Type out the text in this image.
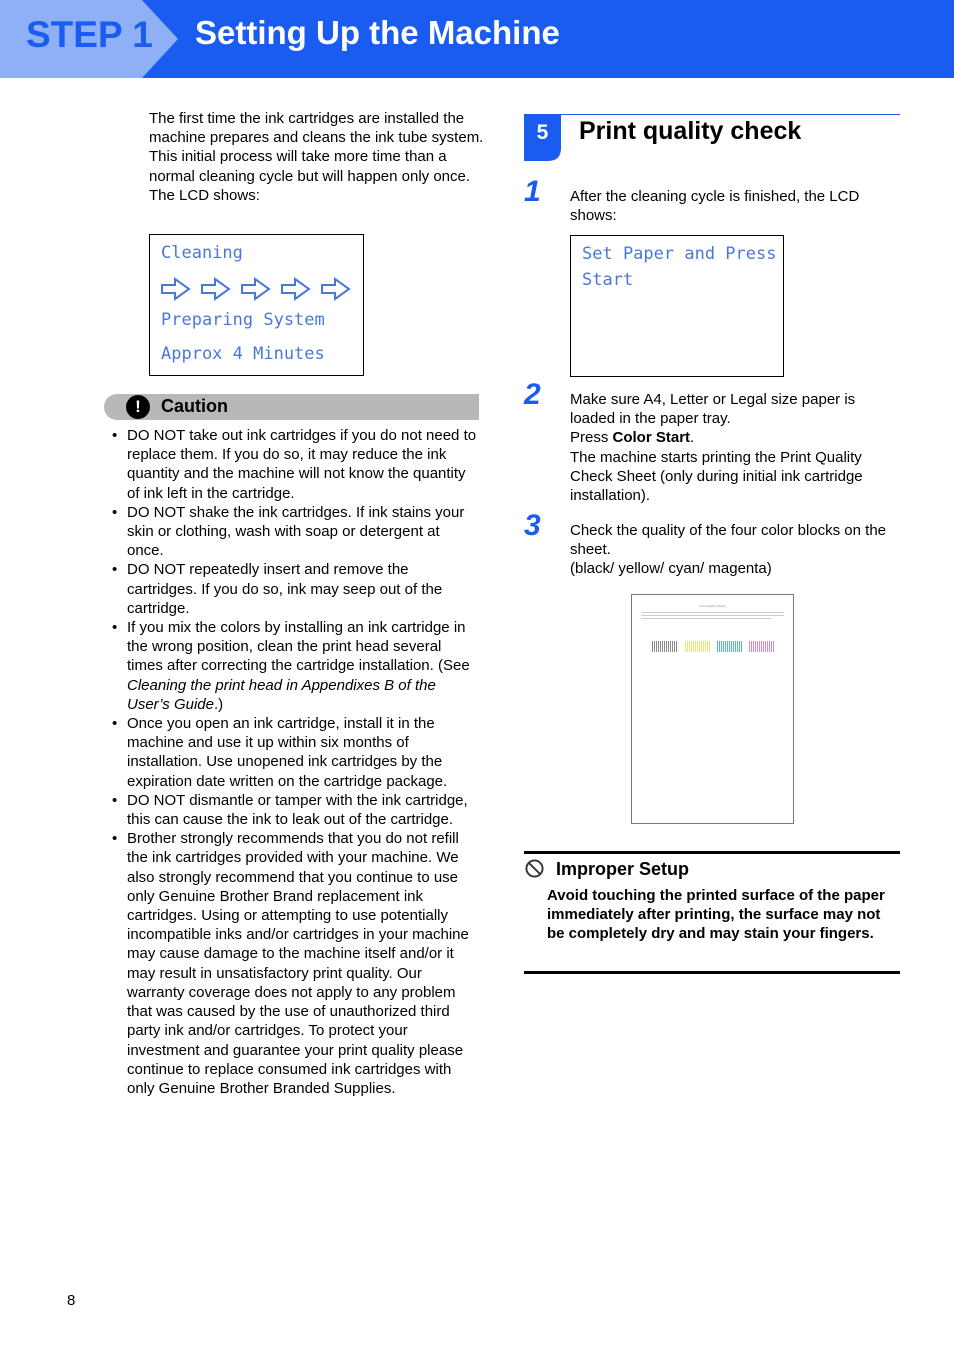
STEP 1 Setting Up the Machine
The first time the ink cartridges are installed the machine prepares and cleans the ink tube system. This initial process will take more time than a normal cleaning cycle but will happen only once.
The LCD shows:
Cleaning
Preparing System
Approx 4 Minutes
!	Caution
• DO NOT take out ink cartridges if you do not need to replace them. If you do so, it may reduce the ink quantity and the machine will not know the quantity of ink left in the cartridge.
• DO NOT shake the ink cartridges. If ink stains your skin or clothing, wash with soap or detergent at once.
• DO NOT repeatedly insert and remove the cartridges. If you do so, ink may seep out of the cartridge.
• If you mix the colors by installing an ink cartridge in the wrong position, clean the print head several times after correcting the cartridge installation. (See Cleaning the print head in Appendixes B of the User’s Guide.)
• Once you open an ink cartridge, install it in the machine and use it up within six months of installation. Use unopened ink cartridges by the expiration date written on the cartridge package.
• DO NOT dismantle or tamper with the ink cartridge, this can cause the ink to leak out of the cartridge.
• Brother strongly recommends that you do not refill the ink cartridges provided with your machine. We also strongly recommend that you continue to use only Genuine Brother Brand replacement ink cartridges. Using or attempting to use potentially incompatible inks and/or cartridges in your machine may cause damage to the machine itself and/or it may result in unsatisfactory print quality. Our warranty coverage does not apply to any problem that was caused by the use of unauthorized third party ink and/or cartridges. To protect your investment and guarantee your print quality please continue to replace consumed ink cartridges with only Genuine Brother Branded Supplies.
5	Print quality check
1 After the cleaning cycle is finished, the LCD shows:
Set Paper and Press
Start
2 Make sure A4, Letter or Legal size paper is loaded in the paper tray.
Press Color Start.
The machine starts printing the Print Quality Check Sheet (only during initial ink cartridge installation).
3 Check the quality of the four color blocks on the sheet.
(black/ yellow/ cyan/ magenta)
Print Quality Check
Improper Setup
Avoid touching the printed surface of the paper immediately after printing, the surface may not be completely dry and may stain your fingers.
8
